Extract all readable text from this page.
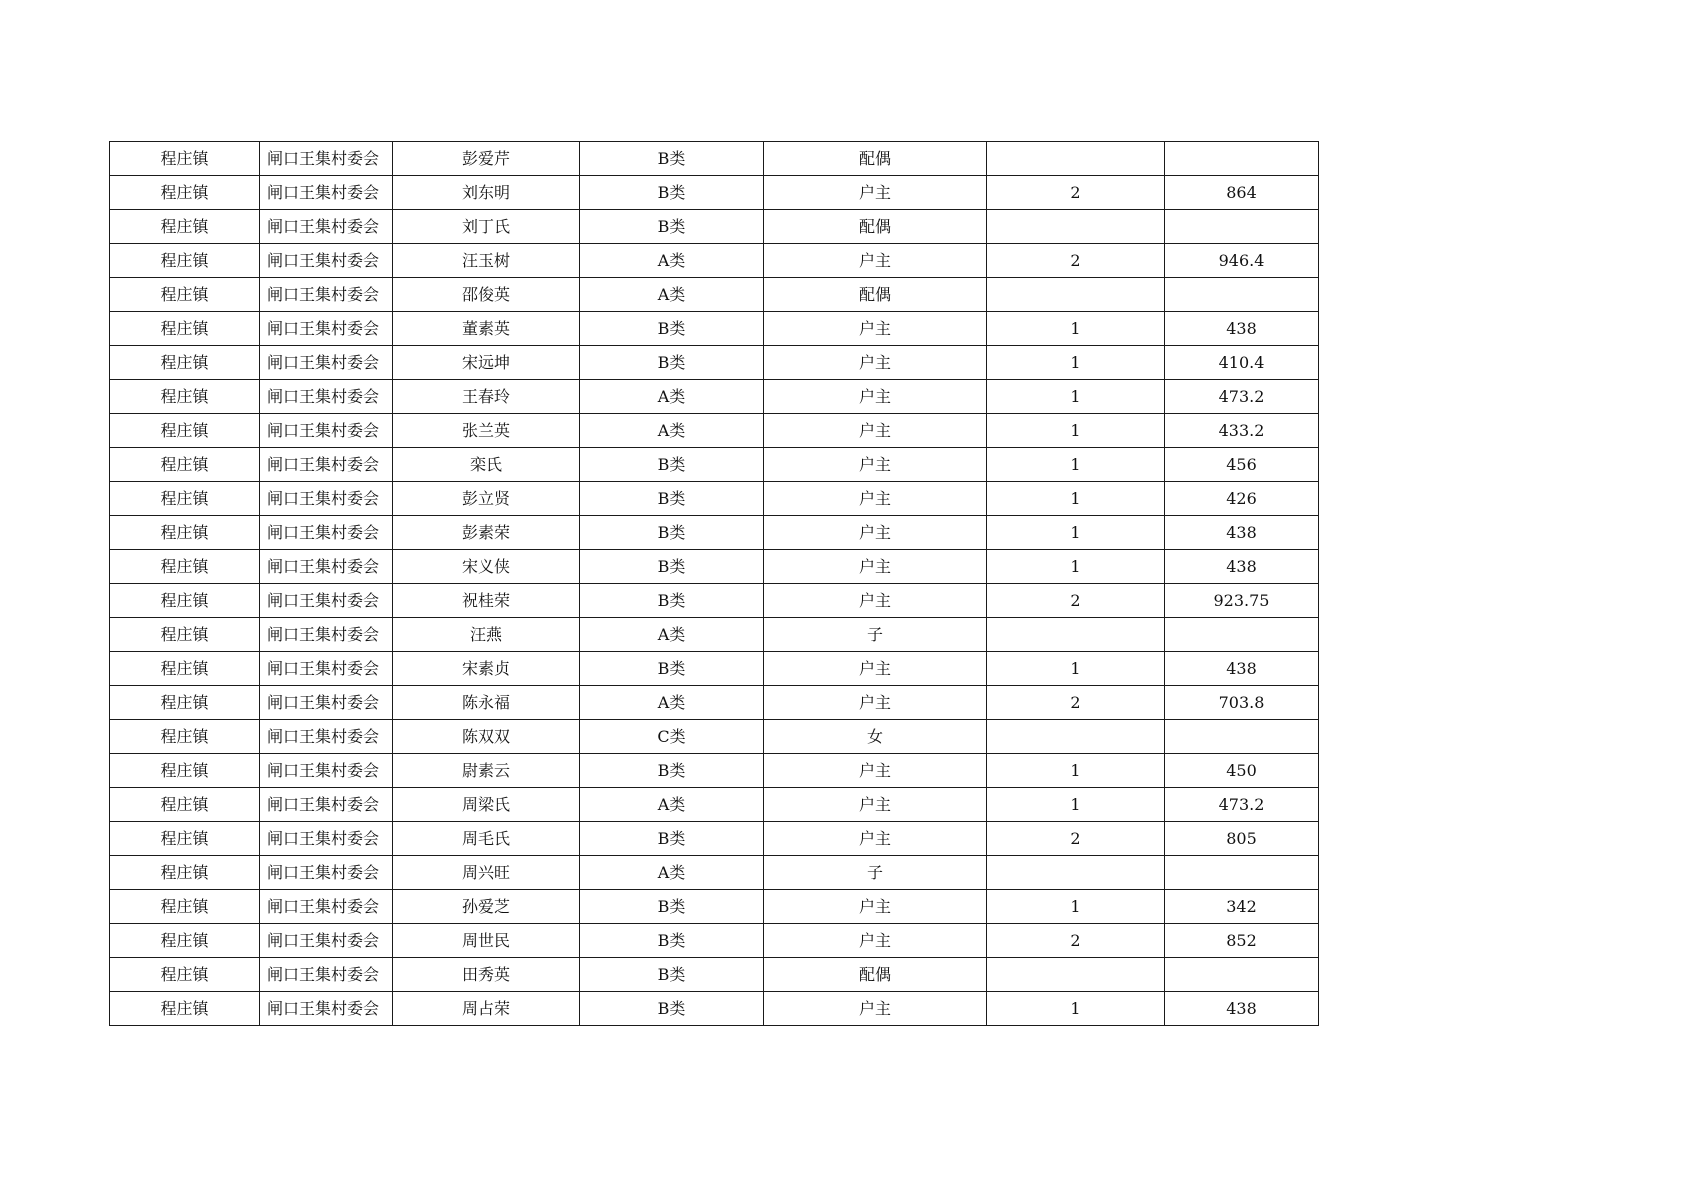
程庄镇	闸口王集村委会	彭爱芹	B类	配偶		
程庄镇	闸口王集村委会	刘东明	B类	户主	2	864
程庄镇	闸口王集村委会	刘丁氏	B类	配偶		
程庄镇	闸口王集村委会	汪玉树	A类	户主	2	946.4
程庄镇	闸口王集村委会	邵俊英	A类	配偶		
程庄镇	闸口王集村委会	董素英	B类	户主	1	438
程庄镇	闸口王集村委会	宋远坤	B类	户主	1	410.4
程庄镇	闸口王集村委会	王春玲	A类	户主	1	473.2
程庄镇	闸口王集村委会	张兰英	A类	户主	1	433.2
程庄镇	闸口王集村委会	栾氏	B类	户主	1	456
程庄镇	闸口王集村委会	彭立贤	B类	户主	1	426
程庄镇	闸口王集村委会	彭素荣	B类	户主	1	438
程庄镇	闸口王集村委会	宋义侠	B类	户主	1	438
程庄镇	闸口王集村委会	祝桂荣	B类	户主	2	923.75
程庄镇	闸口王集村委会	汪燕	A类	子		
程庄镇	闸口王集村委会	宋素贞	B类	户主	1	438
程庄镇	闸口王集村委会	陈永福	A类	户主	2	703.8
程庄镇	闸口王集村委会	陈双双	C类	女		
程庄镇	闸口王集村委会	尉素云	B类	户主	1	450
程庄镇	闸口王集村委会	周梁氏	A类	户主	1	473.2
程庄镇	闸口王集村委会	周毛氏	B类	户主	2	805
程庄镇	闸口王集村委会	周兴旺	A类	子		
程庄镇	闸口王集村委会	孙爱芝	B类	户主	1	342
程庄镇	闸口王集村委会	周世民	B类	户主	2	852
程庄镇	闸口王集村委会	田秀英	B类	配偶		
程庄镇	闸口王集村委会	周占荣	B类	户主	1	438
